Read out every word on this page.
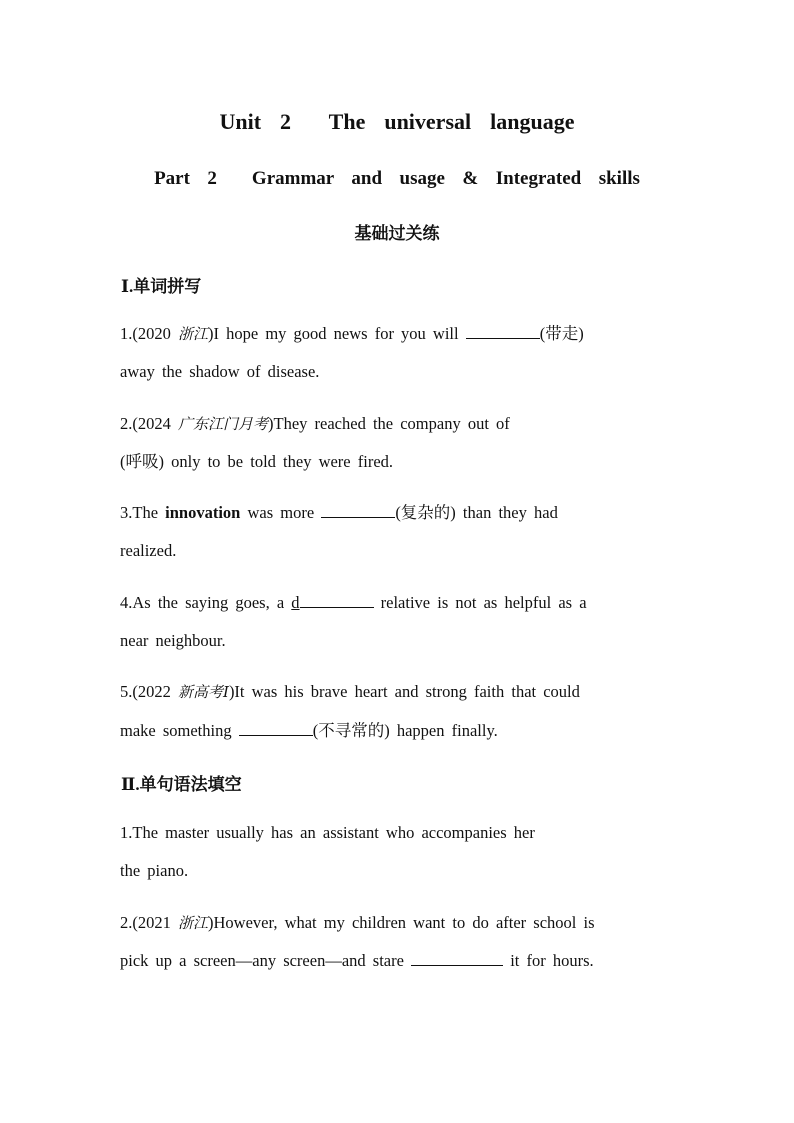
Unit  2    The  universal  language
Part  2    Grammar  and  usage  &  Integrated  skills
基础过关练
Ⅰ.单词拼写
1.(2020 浙江)I hope my good news for you will	(带走)
away the shadow of disease.
2.(2024 广东江门月考)They reached the company out of
(呼吸) only to be told they were fired.
3.The innovation was more	(复杂的) than they had
realized.
4.As the saying goes, a d	relative is not as helpful as a
near neighbour.
5.(2022 新高考Ⅰ)It was his brave heart and strong faith that could
make something	(不寻常的) happen finally.
Ⅱ.单句语法填空
1.The master usually has an assistant who accompanies her
the piano.
2.(2021 浙江)However, what my children want to do after school is
pick up a screen—any screen—and stare	it for hours.
